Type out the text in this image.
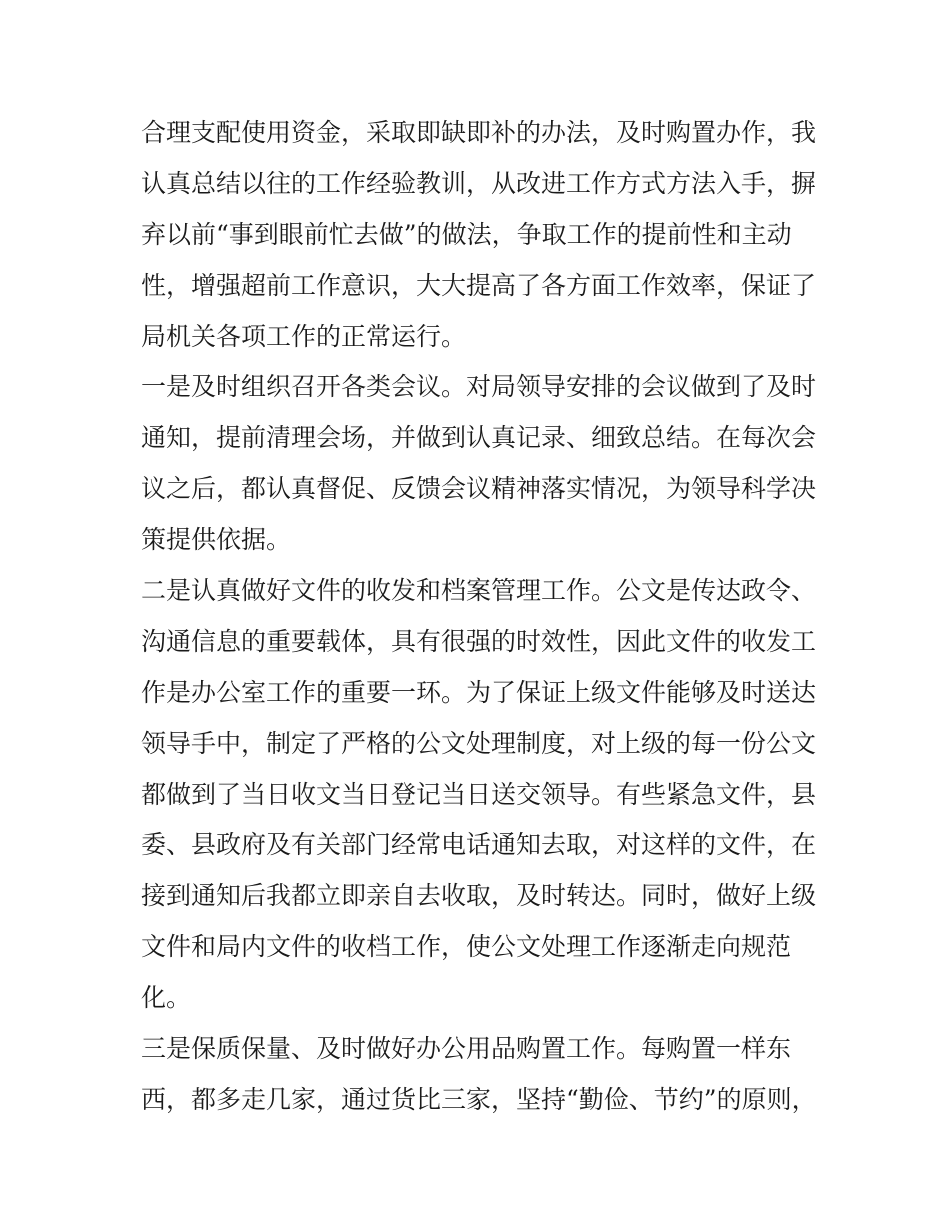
合理支配使用资金，采取即缺即补的办法，及时购置办作，我
认真总结以往的工作经验教训，从改进工作方式方法入手，摒
弃以前“事到眼前忙去做”的做法，争取工作的提前性和主动
性，增强超前工作意识，大大提高了各方面工作效率，保证了
局机关各项工作的正常运行。
一是及时组织召开各类会议。对局领导安排的会议做到了及时
通知，提前清理会场，并做到认真记录、细致总结。在每次会
议之后，都认真督促、反馈会议精神落实情况，为领导科学决
策提供依据。
二是认真做好文件的收发和档案管理工作。公文是传达政令、
沟通信息的重要载体，具有很强的时效性，因此文件的收发工
作是办公室工作的重要一环。为了保证上级文件能够及时送达
领导手中，制定了严格的公文处理制度，对上级的每一份公文
都做到了当日收文当日登记当日送交领导。有些紧急文件，县
委、县政府及有关部门经常电话通知去取，对这样的文件，在
接到通知后我都立即亲自去收取，及时转达。同时，做好上级
文件和局内文件的收档工作，使公文处理工作逐渐走向规范
化。
三是保质保量、及时做好办公用品购置工作。每购置一样东
西，都多走几家，通过货比三家，坚持“勤俭、节约”的原则，
